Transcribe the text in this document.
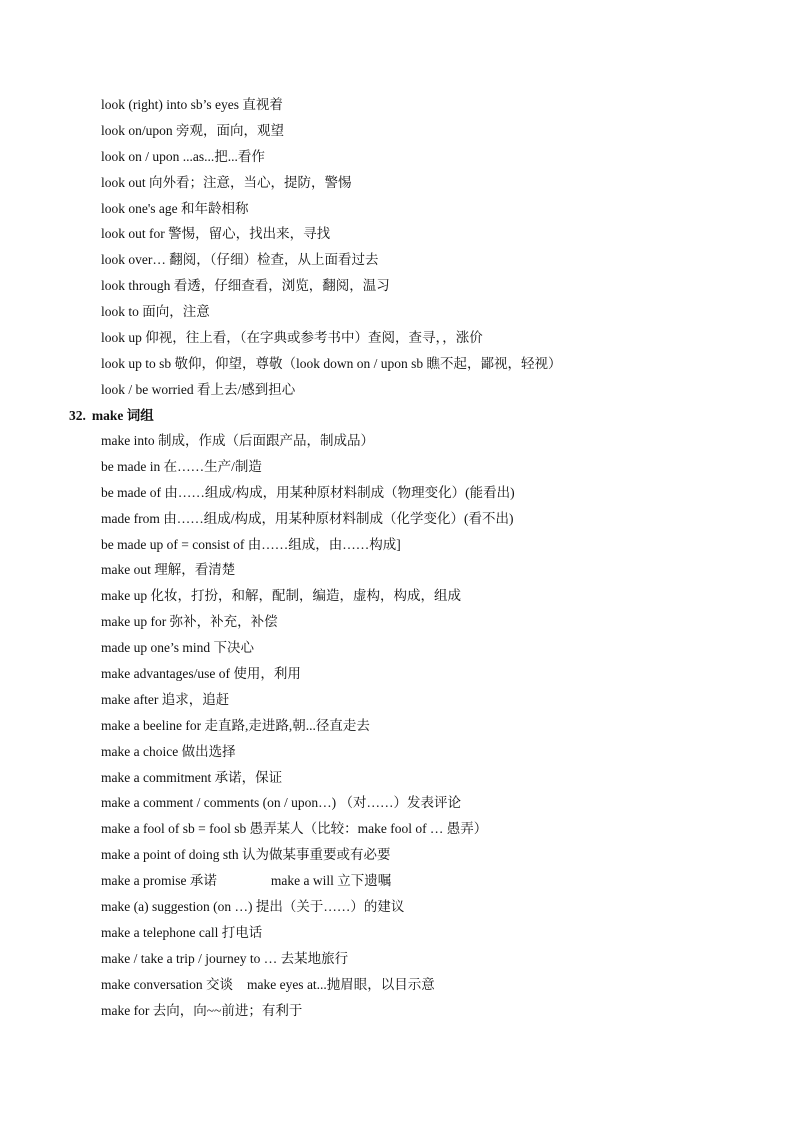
look (right) into sb’s eyes 直视着
look on/upon 旁观，面向，观望
look on / upon ...as...把...看作
look out 向外看；注意，当心，提防，警惕
look one's age 和年龄相称
look out for 警惕，留心，找出来，寻找
look over… 翻阅，（仔细）检查，从上面看过去
look through 看透，仔细查看，浏览，翻阅，温习
look to 面向，注意
look up 仰视，往上看，（在字典或参考书中）查阅，查寻，，涨价
look up to sb 敬仰，仰望，尊敬（look down on / upon sb 瞧不起，鄙视，轻视）
look / be worried 看上去/感到担心
32. make 词组
make into 制成，作成（后面跟产品，制成品）
be made in 在……生产/制造
be made of 由……组成/构成，用某种原材料制成（物理变化）(能看出)
made from 由……组成/构成，用某种原材料制成（化学变化）(看不出)
be made up of = consist of 由……组成，由……构成]
make out 理解，看清楚
make up 化妆，打扮，和解，配制，编造，虚构，构成，组成
make up for 弥补，补充，补偿
made up one’s mind 下决心
make advantages/use of 使用，利用
make after 追求，追赶
make a beeline for 走直路,走进路,朝...径直走去
make a choice 做出选择
make a commitment 承诺，保证
make a comment / comments (on / upon…) （对……）发表评论
make a fool of sb = fool sb 愚弄某人（比较：make fool of … 愚弄）
make a point of doing sth 认为做某事重要或有必要
make a promise 承诺	make a will 立下遗嘱
make (a) suggestion (on …) 提出（关于……）的建议
make a telephone call 打电话
make / take a trip / journey to … 去某地旅行
make conversation 交谈 make eyes at...抛眉眼，以目示意
make for 去向，向~~前进；有利于
